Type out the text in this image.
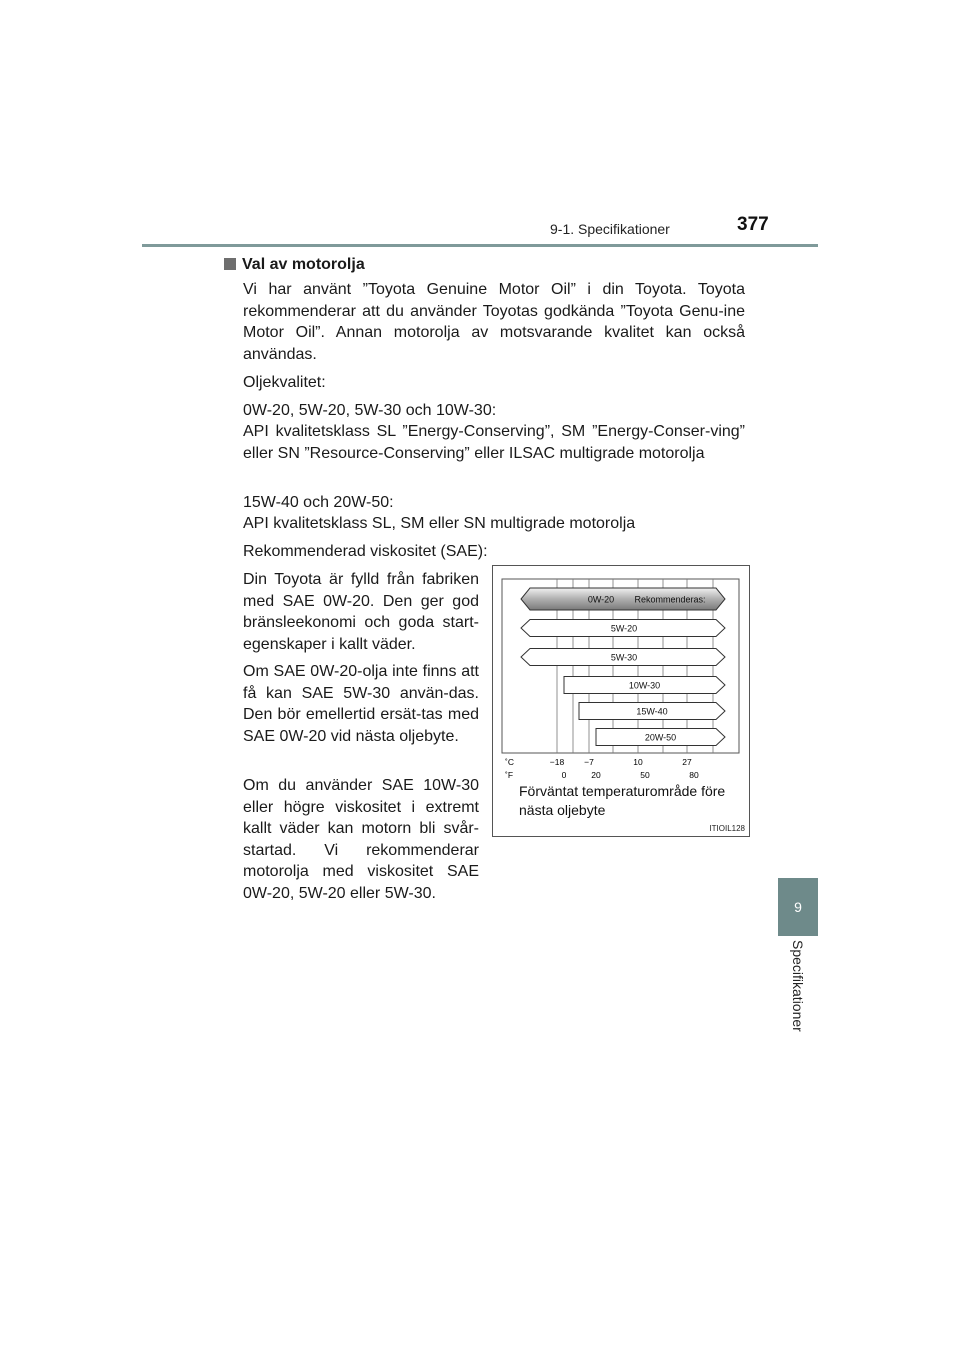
9-1. Specifikationer	377
9
Specifikationer
Val av motorolja

Vi har använt ”Toyota Genuine Motor Oil” i din Toyota. Toyota rekommenderar att du använder Toyotas godkända ”Toyota Genu-ine Motor Oil”. Annan motorolja av motsvarande kvalitet kan också användas.

Oljekvalitet:

0W-20, 5W-20, 5W-30 och 10W-30:

API kvalitetsklass SL ”Energy-Conserving”, SM ”Energy-Conser-ving” eller SN ”Resource-Conserving” eller ILSAC multigrade motorolja

15W-40 och 20W-50:

API kvalitetsklass SL, SM eller SN multigrade motorolja

Rekommenderad viskositet (SAE):

Din Toyota är fylld från fabriken med SAE 0W-20. Den ger god bränsleekonomi och goda start-egenskaper i kallt väder.

Om SAE 0W-20-olja inte finns att få kan SAE 5W-30 använ-das. Den bör emellertid ersät-tas med SAE 0W-20 vid nästa oljebyte.

Om du använder SAE 10W-30 eller högre viskositet i extremt kallt väder kan motorn bli svår-startad. Vi rekommenderar motorolja med viskositet SAE 0W-20, 5W-20 eller 5W-30.

0W-20 Rekommenderas:
5W-20
5W-30
10W-30
15W-40
20W-50
˚C
˚F
−18 −7	10	27
0	20	50	80
Förväntat temperaturområde före nästa oljebyte
ITIOIL128
